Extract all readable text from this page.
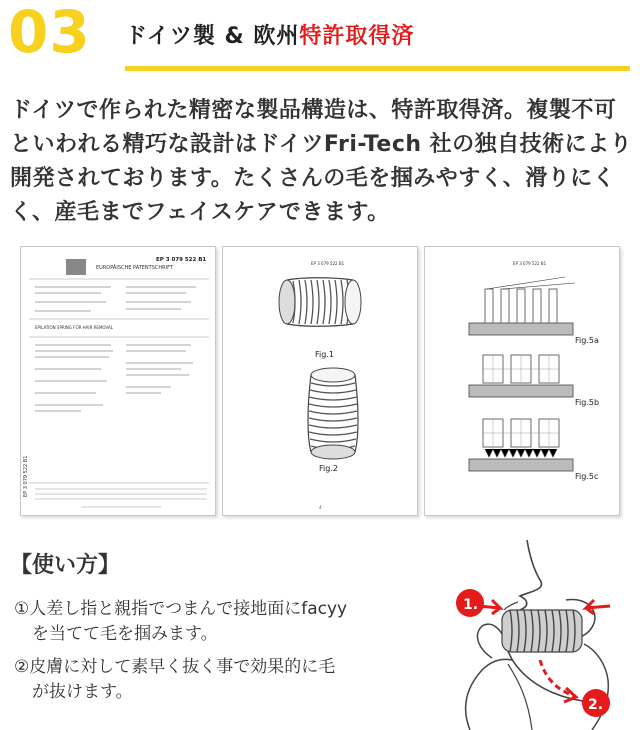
03 ドイツ製 & 欧州特許取得済
ドイツで作られた精密な製品構造は、特許取得済。複製不可といわれる精巧な設計はドイツFri-Tech 社の独自技術により開発されております。たくさんの毛を掴みやすく、滑りにくく、産毛までフェイスケアできます。
EUROPÄISCHE PATENTSCHRIFT
EP 3 079 522 B1
EPILATION SPRING FOR HAIR REMOVAL
EP 3 079 522 B1
EP 3 079 522 B1
Fig.1
Fig.2
4
EP 3 079 522 B1
Fig.5a
Fig.5b
Fig.5c
【使い方】
①人差し指と親指でつまんで接地面にfacyy
を当てて毛を掴みます。
②皮膚に対して素早く抜く事で効果的に毛
が抜けます。
1.
2.
